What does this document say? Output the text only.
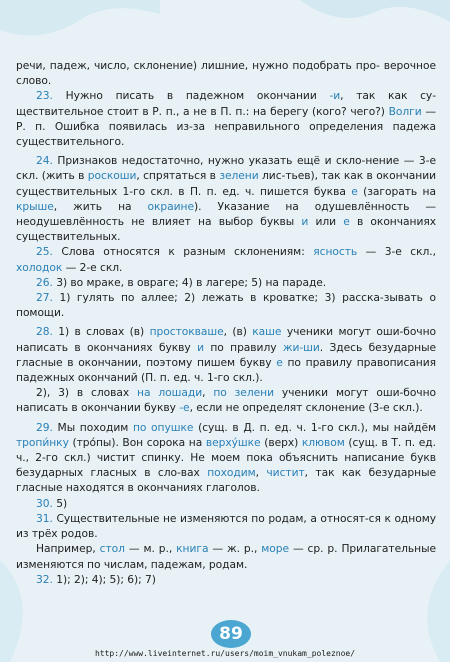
речи, падеж, число, склонение) лишние, нужно подобрать про- верочное слово.

23. Нужно писать в падежном окончании -и, так как су-ществительное стоит в Р. п., а не в П. п.: на берегу (кого? чего?) Волги — Р. п. Ошибка появилась из-за неправильного определения падежа существительного.

24. Признаков недостаточно, нужно указать ещё и скло-нение — 3-е скл. (жить в роскоши, спрятаться в зелени лис-тьев), так как в окончании существительных 1-го скл. в П. п. ед. ч. пишется буква е (загорать на крыше, жить на окраине). Указание на одушевлённость — неодушевлённость не влияет на выбор буквы и или е в окончаниях существительных.

25. Слова относятся к разным склонениям: ясность — 3-е скл., холодок — 2-е скл.

26. 3) во мраке, в овраге; 4) в лагере; 5) на параде.

27. 1) гулять по аллее; 2) лежать в кроватке; 3) расска-зывать о помощи.

28. 1) в словах (в) простокваше, (в) каше ученики могут оши-бочно написать в окончаниях букву и по правилу жи-ши. Здесь безударные гласные в окончании, поэтому пишем букву е по правилу правописания падежных окончаний (П. п. ед. ч. 1-го скл.).

2), 3) в словах на лошади, по зелени ученики могут оши-бочно написать в окончании букву -е, если не определят склонение (3-е скл.).

29. Мы походим по опушке (сущ. в Д. п. ед. ч. 1-го скл.), мы найдём тропи́нку (тро́пы). Вон сорока на верху́шке (верх) клювом (сущ. в Т. п. ед. ч., 2-го скл.) чистит спинку. Не моем пока объяснить написание букв безударных гласных в сло-вах походим, чистит, так как безударные гласные находятся в окончаниях глаголов.

30. 5)

31. Существительные не изменяются по родам, а относят-ся к одному из трёх родов.

Например, стол — м. р., книга — ж. р., море — ср. р. Прилагательные изменяются по числам, падежам, родам.

32. 1); 2); 4); 5); 6); 7)

89
http://www.liveinternet.ru/users/moim_vnukam_poleznoe/
